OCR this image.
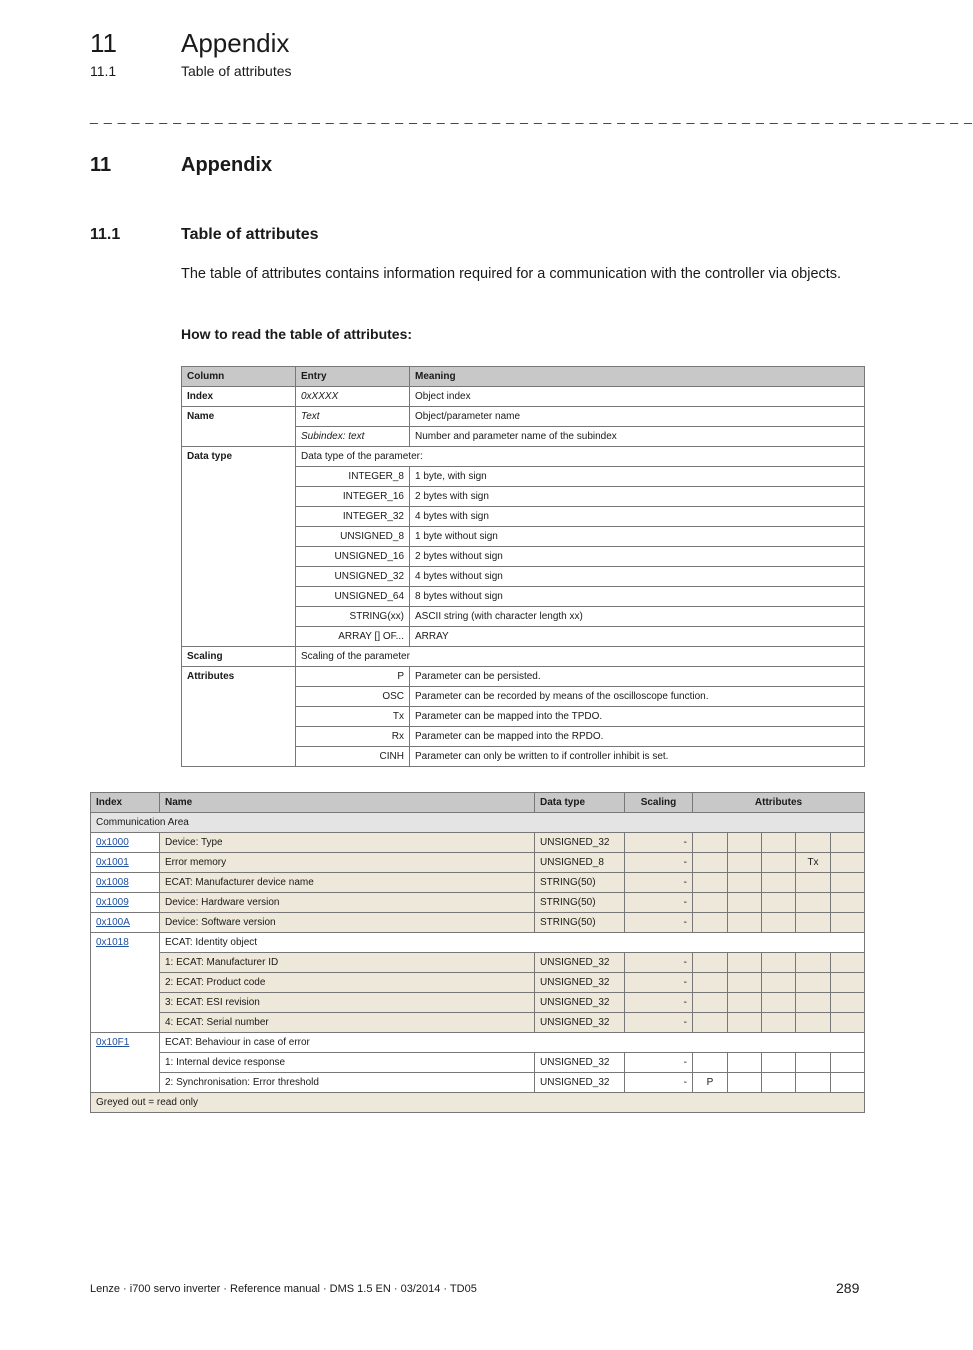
11 Appendix
11.1	Table of attributes
_ _ _ _ _ _ _ _ _ _ _ _ _ _ _ _ _ _ _ _ _ _ _ _ _ _ _ _ _ _ _ _ _ _ _ _ _ _ _ _ _ _ _ _ _ _ _ _ _ _ _ _ _ _ _ _ _ _ _ _ _ _ _ _
11	Appendix
11.1	Table of attributes
The table of attributes contains information required for a communication with the controller via objects.
How to read the table of attributes:
Column	Entry	Meaning
Index	0xXXXX	Object index
Name	Text	Object/parameter name
	Subindex: text	Number and parameter name of the subindex
Data type	Data type of the parameter:	
	INTEGER_8	1 byte, with sign
	INTEGER_16	2 bytes with sign
	INTEGER_32	4 bytes with sign
	UNSIGNED_8	1 byte without sign
	UNSIGNED_16	2 bytes without sign
	UNSIGNED_32	4 bytes without sign
	UNSIGNED_64	8 bytes without sign
	STRING(xx)	ASCII string (with character length xx)
	ARRAY [] OF...	ARRAY
Scaling	Scaling of the parameter	
Attributes	P	Parameter can be persisted.
	OSC	Parameter can be recorded by means of the oscilloscope function.
	Tx	Parameter can be mapped into the TPDO.
	Rx	Parameter can be mapped into the RPDO.
	CINH	Parameter can only be written to if controller inhibit is set.
Index	Name	Data type	Scaling	Attributes				
Communication Area								
0x1000	Device: Type	UNSIGNED_32	-					
0x1001	Error memory	UNSIGNED_8	-				Tx	
0x1008	ECAT: Manufacturer device name	STRING(50)	-					
0x1009	Device: Hardware version	STRING(50)	-					
0x100A	Device: Software version	STRING(50)	-					
0x1018	ECAT: Identity object							
	1: ECAT: Manufacturer ID	UNSIGNED_32	-					
	2: ECAT: Product code	UNSIGNED_32	-					
	3: ECAT: ESI revision	UNSIGNED_32	-					
	4: ECAT: Serial number	UNSIGNED_32	-					
0x10F1	ECAT: Behaviour in case of error							
	1: Internal device response	UNSIGNED_32	-					
	2: Synchronisation: Error threshold	UNSIGNED_32	-	P				
Greyed out = read only								
Lenze · i700 servo inverter · Reference manual · DMS 1.5 EN · 03/2014 · TD05	289
